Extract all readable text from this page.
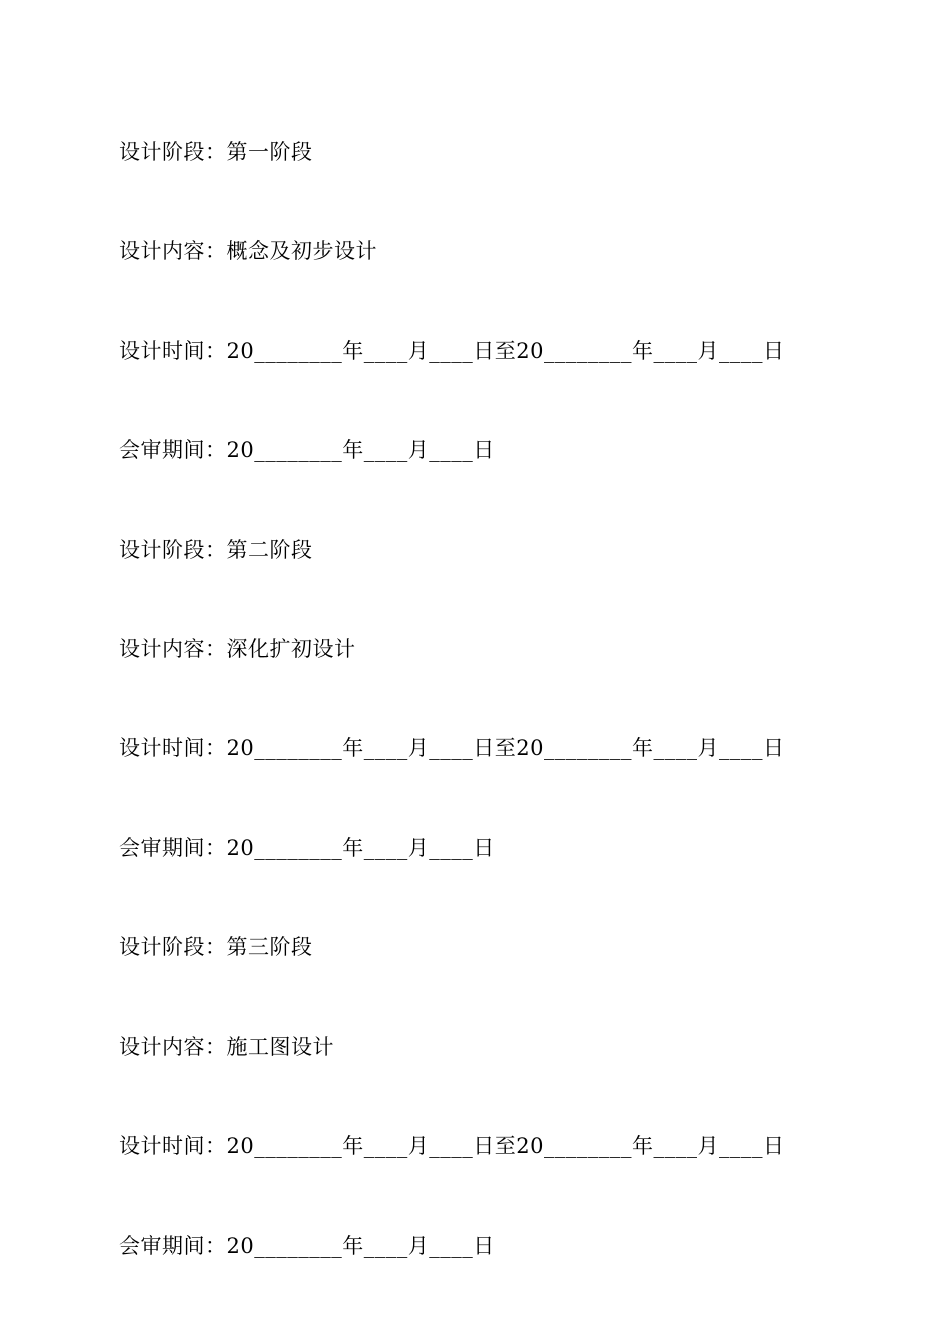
设计阶段：第一阶段
设计内容：概念及初步设计
设计时间：20________年____月____日至20________年____月____日
会审期间：20________年____月____日
设计阶段：第二阶段
设计内容：深化扩初设计
设计时间：20________年____月____日至20________年____月____日
会审期间：20________年____月____日
设计阶段：第三阶段
设计内容：施工图设计
设计时间：20________年____月____日至20________年____月____日
会审期间：20________年____月____日
